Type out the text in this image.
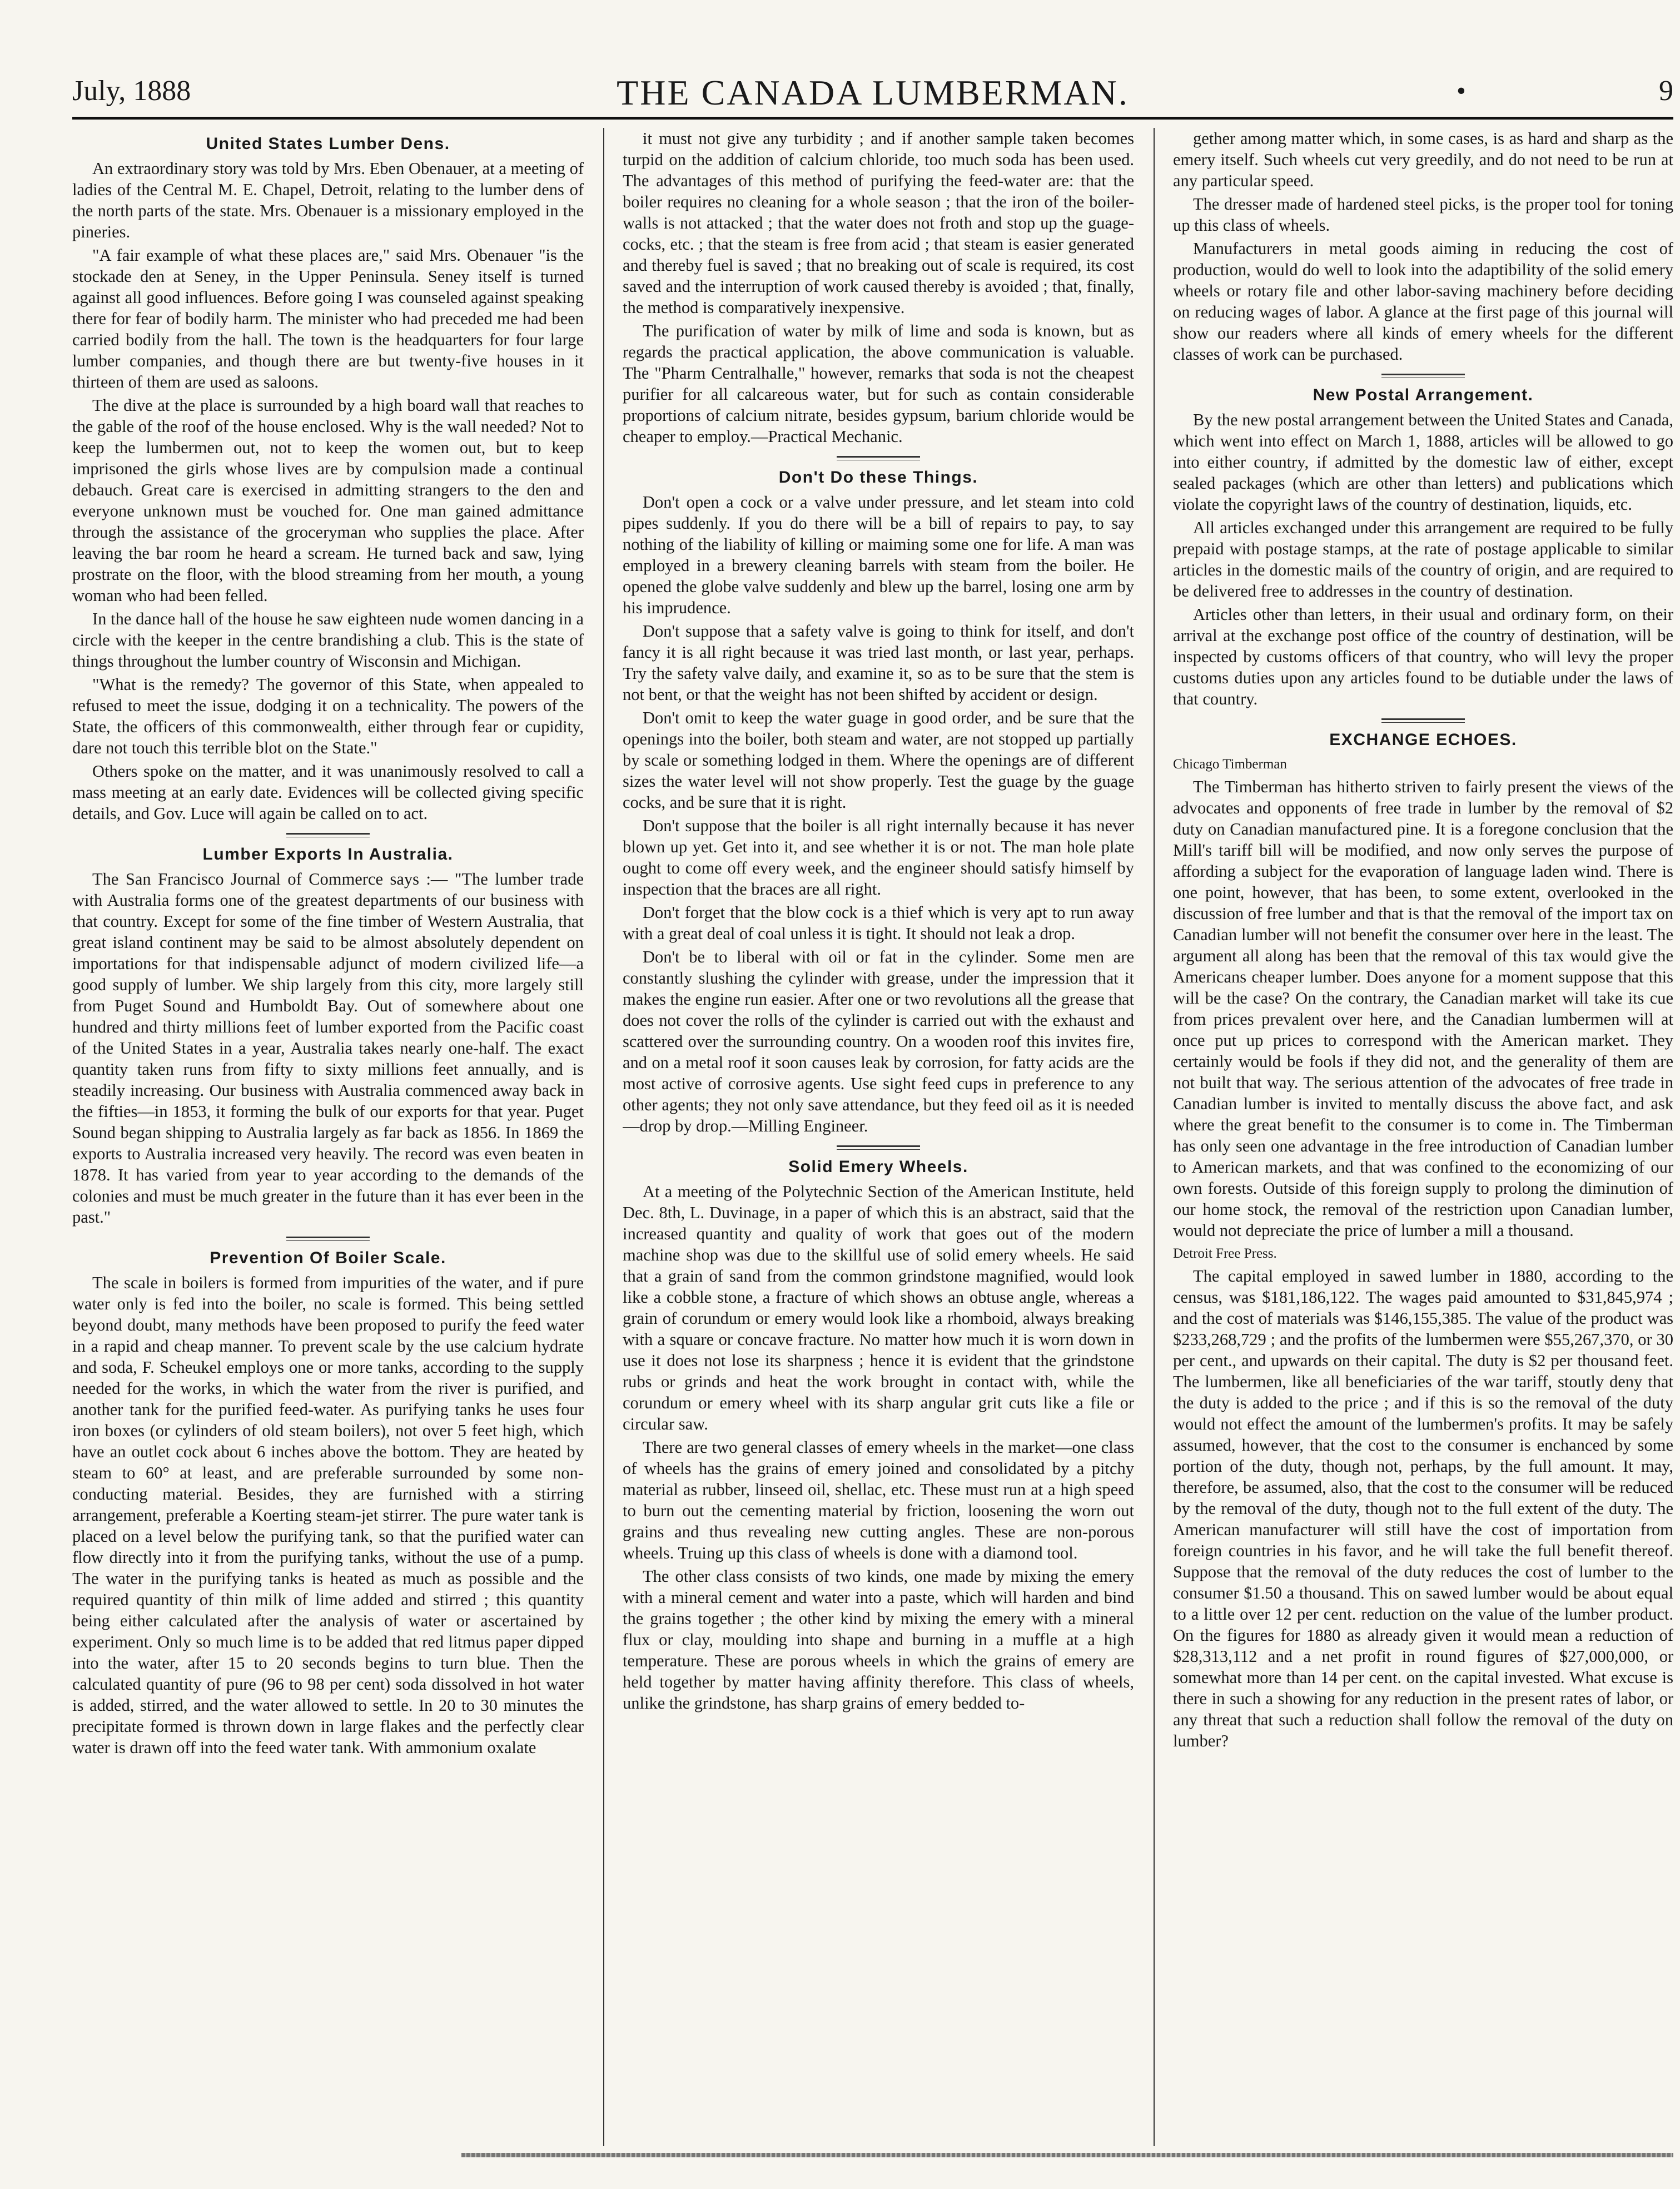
July, 1888	THE CANADA LUMBERMAN.	•	9
United States Lumber Dens.

An extraordinary story was told by Mrs. Eben Obenauer, at a meeting of ladies of the Central M. E. Chapel, Detroit, relating to the lumber dens of the north parts of the state. Mrs. Obenauer is a missionary employed in the pineries.

"A fair example of what these places are," said Mrs. Obenauer "is the stockade den at Seney, in the Upper Peninsula. Seney itself is turned against all good influences. Before going I was counseled against speaking there for fear of bodily harm. The minister who had preceded me had been carried bodily from the hall. The town is the headquarters for four large lumber companies, and though there are but twenty-five houses in it thirteen of them are used as saloons.

The dive at the place is surrounded by a high board wall that reaches to the gable of the roof of the house enclosed. Why is the wall needed? Not to keep the lumbermen out, not to keep the women out, but to keep imprisoned the girls whose lives are by compulsion made a continual debauch. Great care is exercised in admitting strangers to the den and everyone unknown must be vouched for. One man gained admittance through the assistance of the groceryman who supplies the place. After leaving the bar room he heard a scream. He turned back and saw, lying prostrate on the floor, with the blood streaming from her mouth, a young woman who had been felled.

In the dance hall of the house he saw eighteen nude women dancing in a circle with the keeper in the centre brandishing a club. This is the state of things throughout the lumber country of Wisconsin and Michigan.

"What is the remedy? The governor of this State, when appealed to refused to meet the issue, dodging it on a technicality. The powers of the State, the officers of this commonwealth, either through fear or cupidity, dare not touch this terrible blot on the State."

Others spoke on the matter, and it was unanimously resolved to call a mass meeting at an early date. Evidences will be collected giving specific details, and Gov. Luce will again be called on to act.

Lumber Exports In Australia.

The San Francisco Journal of Commerce says :— "The lumber trade with Australia forms one of the greatest departments of our business with that country. Except for some of the fine timber of Western Australia, that great island continent may be said to be almost absolutely dependent on importations for that indispensable adjunct of modern civilized life—a good supply of lumber. We ship largely from this city, more largely still from Puget Sound and Humboldt Bay. Out of somewhere about one hundred and thirty millions feet of lumber exported from the Pacific coast of the United States in a year, Australia takes nearly one-half. The exact quantity taken runs from fifty to sixty millions feet annually, and is steadily increasing. Our business with Australia commenced away back in the fifties—in 1853, it forming the bulk of our exports for that year. Puget Sound began shipping to Australia largely as far back as 1856. In 1869 the exports to Australia increased very heavily. The record was even beaten in 1878. It has varied from year to year according to the demands of the colonies and must be much greater in the future than it has ever been in the past."

Prevention Of Boiler Scale.

The scale in boilers is formed from impurities of the water, and if pure water only is fed into the boiler, no scale is formed. This being settled beyond doubt, many methods have been proposed to purify the feed water in a rapid and cheap manner. To prevent scale by the use calcium hydrate and soda, F. Scheukel employs one or more tanks, according to the supply needed for the works, in which the water from the river is purified, and another tank for the purified feed-water. As purifying tanks he uses four iron boxes (or cylinders of old steam boilers), not over 5 feet high, which have an outlet cock about 6 inches above the bottom. They are heated by steam to 60° at least, and are preferable surrounded by some non-conducting material. Besides, they are furnished with a stirring arrangement, preferable a Koerting steam-jet stirrer. The pure water tank is placed on a level below the purifying tank, so that the purified water can flow directly into it from the purifying tanks, without the use of a pump. The water in the purifying tanks is heated as much as possible and the required quantity of thin milk of lime added and stirred ; this quantity being either calculated after the analysis of water or ascertained by experiment. Only so much lime is to be added that red litmus paper dipped into the water, after 15 to 20 seconds begins to turn blue. Then the calculated quantity of pure (96 to 98 per cent) soda dissolved in hot water is added, stirred, and the water allowed to settle. In 20 to 30 minutes the precipitate formed is thrown down in large flakes and the perfectly clear water is drawn off into the feed water tank. With ammonium oxalate

it must not give any turbidity ; and if another sample taken becomes turpid on the addition of calcium chloride, too much soda has been used. The advantages of this method of purifying the feed-water are: that the boiler requires no cleaning for a whole season ; that the iron of the boiler-walls is not attacked ; that the water does not froth and stop up the guage-cocks, etc. ; that the steam is free from acid ; that steam is easier generated and thereby fuel is saved ; that no breaking out of scale is required, its cost saved and the interruption of work caused thereby is avoided ; that, finally, the method is comparatively inexpensive.

The purification of water by milk of lime and soda is known, but as regards the practical application, the above communication is valuable. The "Pharm Centralhalle," however, remarks that soda is not the cheapest purifier for all calcareous water, but for such as contain considerable proportions of calcium nitrate, besides gypsum, barium chloride would be cheaper to employ.—Practical Mechanic.

Don't Do these Things.

Don't open a cock or a valve under pressure, and let steam into cold pipes suddenly. If you do there will be a bill of repairs to pay, to say nothing of the liability of killing or maiming some one for life. A man was employed in a brewery cleaning barrels with steam from the boiler. He opened the globe valve suddenly and blew up the barrel, losing one arm by his imprudence.

Don't suppose that a safety valve is going to think for itself, and don't fancy it is all right because it was tried last month, or last year, perhaps. Try the safety valve daily, and examine it, so as to be sure that the stem is not bent, or that the weight has not been shifted by accident or design.

Don't omit to keep the water guage in good order, and be sure that the openings into the boiler, both steam and water, are not stopped up partially by scale or something lodged in them. Where the openings are of different sizes the water level will not show properly. Test the guage by the guage cocks, and be sure that it is right.

Don't suppose that the boiler is all right internally because it has never blown up yet. Get into it, and see whether it is or not. The man hole plate ought to come off every week, and the engineer should satisfy himself by inspection that the braces are all right.

Don't forget that the blow cock is a thief which is very apt to run away with a great deal of coal unless it is tight. It should not leak a drop.

Don't be to liberal with oil or fat in the cylinder. Some men are constantly slushing the cylinder with grease, under the impression that it makes the engine run easier. After one or two revolutions all the grease that does not cover the rolls of the cylinder is carried out with the exhaust and scattered over the surrounding country. On a wooden roof this invites fire, and on a metal roof it soon causes leak by corrosion, for fatty acids are the most active of corrosive agents. Use sight feed cups in preference to any other agents; they not only save attendance, but they feed oil as it is needed—drop by drop.—Milling Engineer.

Solid Emery Wheels.

At a meeting of the Polytechnic Section of the American Institute, held Dec. 8th, L. Duvinage, in a paper of which this is an abstract, said that the increased quantity and quality of work that goes out of the modern machine shop was due to the skillful use of solid emery wheels. He said that a grain of sand from the common grindstone magnified, would look like a cobble stone, a fracture of which shows an obtuse angle, whereas a grain of corundum or emery would look like a rhomboid, always breaking with a square or concave fracture. No matter how much it is worn down in use it does not lose its sharpness ; hence it is evident that the grindstone rubs or grinds and heat the work brought in contact with, while the corundum or emery wheel with its sharp angular grit cuts like a file or circular saw.

There are two general classes of emery wheels in the market—one class of wheels has the grains of emery joined and consolidated by a pitchy material as rubber, linseed oil, shellac, etc. These must run at a high speed to burn out the cementing material by friction, loosening the worn out grains and thus revealing new cutting angles. These are non-porous wheels. Truing up this class of wheels is done with a diamond tool.

The other class consists of two kinds, one made by mixing the emery with a mineral cement and water into a paste, which will harden and bind the grains together ; the other kind by mixing the emery with a mineral flux or clay, moulding into shape and burning in a muffle at a high temperature. These are porous wheels in which the grains of emery are held together by matter having affinity therefore. This class of wheels, unlike the grindstone, has sharp grains of emery bedded to-

gether among matter which, in some cases, is as hard and sharp as the emery itself. Such wheels cut very greedily, and do not need to be run at any particular speed.

The dresser made of hardened steel picks, is the proper tool for toning up this class of wheels.

Manufacturers in metal goods aiming in reducing the cost of production, would do well to look into the adaptibility of the solid emery wheels or rotary file and other labor-saving machinery before deciding on reducing wages of labor. A glance at the first page of this journal will show our readers where all kinds of emery wheels for the different classes of work can be purchased.

New Postal Arrangement.

By the new postal arrangement between the United States and Canada, which went into effect on March 1, 1888, articles will be allowed to go into either country, if admitted by the domestic law of either, except sealed packages (which are other than letters) and publications which violate the copyright laws of the country of destination, liquids, etc.

All articles exchanged under this arrangement are required to be fully prepaid with postage stamps, at the rate of postage applicable to similar articles in the domestic mails of the country of origin, and are required to be delivered free to addresses in the country of destination.

Articles other than letters, in their usual and ordinary form, on their arrival at the exchange post office of the country of destination, will be inspected by customs officers of that country, who will levy the proper customs duties upon any articles found to be dutiable under the laws of that country.

EXCHANGE ECHOES.

Chicago Timberman

The Timberman has hitherto striven to fairly present the views of the advocates and opponents of free trade in lumber by the removal of $2 duty on Canadian manufactured pine. It is a foregone conclusion that the Mill's tariff bill will be modified, and now only serves the purpose of affording a subject for the evaporation of language laden wind. There is one point, however, that has been, to some extent, overlooked in the discussion of free lumber and that is that the removal of the import tax on Canadian lumber will not benefit the consumer over here in the least. The argument all along has been that the removal of this tax would give the Americans cheaper lumber. Does anyone for a moment suppose that this will be the case? On the contrary, the Canadian market will take its cue from prices prevalent over here, and the Canadian lumbermen will at once put up prices to correspond with the American market. They certainly would be fools if they did not, and the generality of them are not built that way. The serious attention of the advocates of free trade in Canadian lumber is invited to mentally discuss the above fact, and ask where the great benefit to the consumer is to come in. The Timberman has only seen one advantage in the free introduction of Canadian lumber to American markets, and that was confined to the economizing of our own forests. Outside of this foreign supply to prolong the diminution of our home stock, the removal of the restriction upon Canadian lumber, would not depreciate the price of lumber a mill a thousand.

Detroit Free Press.

The capital employed in sawed lumber in 1880, according to the census, was $181,186,122. The wages paid amounted to $31,845,974 ; and the cost of materials was $146,155,385. The value of the product was $233,268,729 ; and the profits of the lumbermen were $55,267,370, or 30 per cent., and upwards on their capital. The duty is $2 per thousand feet. The lumbermen, like all beneficiaries of the war tariff, stoutly deny that the duty is added to the price ; and if this is so the removal of the duty would not effect the amount of the lumbermen's profits. It may be safely assumed, however, that the cost to the consumer is enchanced by some portion of the duty, though not, perhaps, by the full amount. It may, therefore, be assumed, also, that the cost to the consumer will be reduced by the removal of the duty, though not to the full extent of the duty. The American manufacturer will still have the cost of importation from foreign countries in his favor, and he will take the full benefit thereof. Suppose that the removal of the duty reduces the cost of lumber to the consumer $1.50 a thousand. This on sawed lumber would be about equal to a little over 12 per cent. reduction on the value of the lumber product. On the figures for 1880 as already given it would mean a reduction of $28,313,112 and a net profit in round figures of $27,000,000, or somewhat more than 14 per cent. on the capital invested. What excuse is there in such a showing for any reduction in the present rates of labor, or any threat that such a reduction shall follow the removal of the duty on lumber?
